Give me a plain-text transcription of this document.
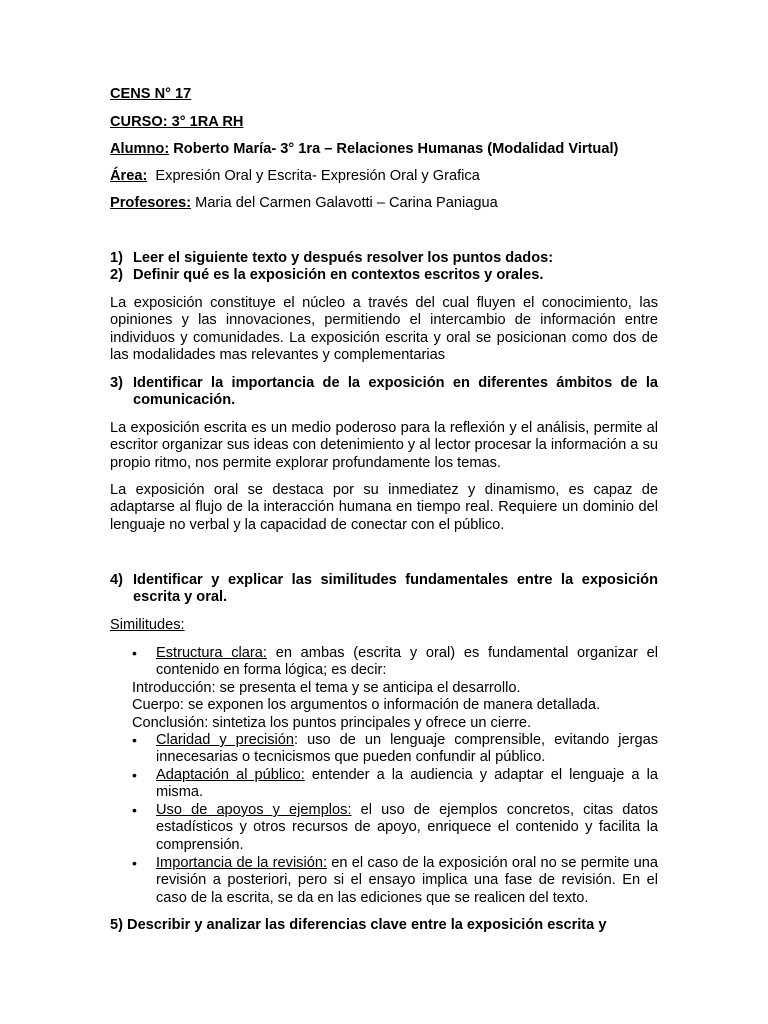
CENS N° 17
CURSO: 3° 1RA RH
Alumno: Roberto María- 3° 1ra – Relaciones Humanas (Modalidad Virtual)
Área:  Expresión Oral y Escrita- Expresión Oral y Grafica
Profesores: Maria del Carmen Galavotti – Carina Paniagua
1) Leer el siguiente texto y después resolver los puntos dados:
2) Definir qué es la exposición en contextos escritos y orales.
La exposición constituye el núcleo a través del cual fluyen el conocimiento, las opiniones y las innovaciones, permitiendo el intercambio de información entre individuos y comunidades. La exposición escrita y oral se posicionan como dos de las modalidades mas relevantes y complementarias
3) Identificar la importancia de la exposición en diferentes ámbitos de la comunicación.
La exposición escrita es un medio poderoso para la reflexión y el análisis, permite al escritor organizar sus ideas con detenimiento y al lector procesar la información a su propio ritmo, nos permite explorar profundamente los temas.
La exposición oral se destaca por su inmediatez y dinamismo, es capaz de adaptarse al flujo de la interacción humana en tiempo real. Requiere un dominio del lenguaje no verbal y la capacidad de conectar con el público.
4) Identificar y explicar las similitudes fundamentales entre la exposición escrita y oral.
Similitudes:
• Estructura clara: en ambas (escrita y oral) es fundamental organizar el contenido en forma lógica; es decir:
Introducción: se presenta el tema y se anticipa el desarrollo.
Cuerpo: se exponen los argumentos o información de manera detallada.
Conclusión: sintetiza los puntos principales y ofrece un cierre.
• Claridad y precisión: uso de un lenguaje comprensible, evitando jergas innecesarias o tecnicismos que pueden confundir al público.
• Adaptación al público: entender a la audiencia y adaptar el lenguaje a la misma.
• Uso de apoyos y ejemplos: el uso de ejemplos concretos, citas datos estadísticos y otros recursos de apoyo, enriquece el contenido y facilita la comprensión.
• Importancia de la revisión: en el caso de la exposición oral no se permite una revisión a posteriori, pero si el ensayo implica una fase de revisión. En el caso de la escrita, se da en las ediciones que se realicen del texto.
5) Describir y analizar las diferencias clave entre la exposición escrita y
